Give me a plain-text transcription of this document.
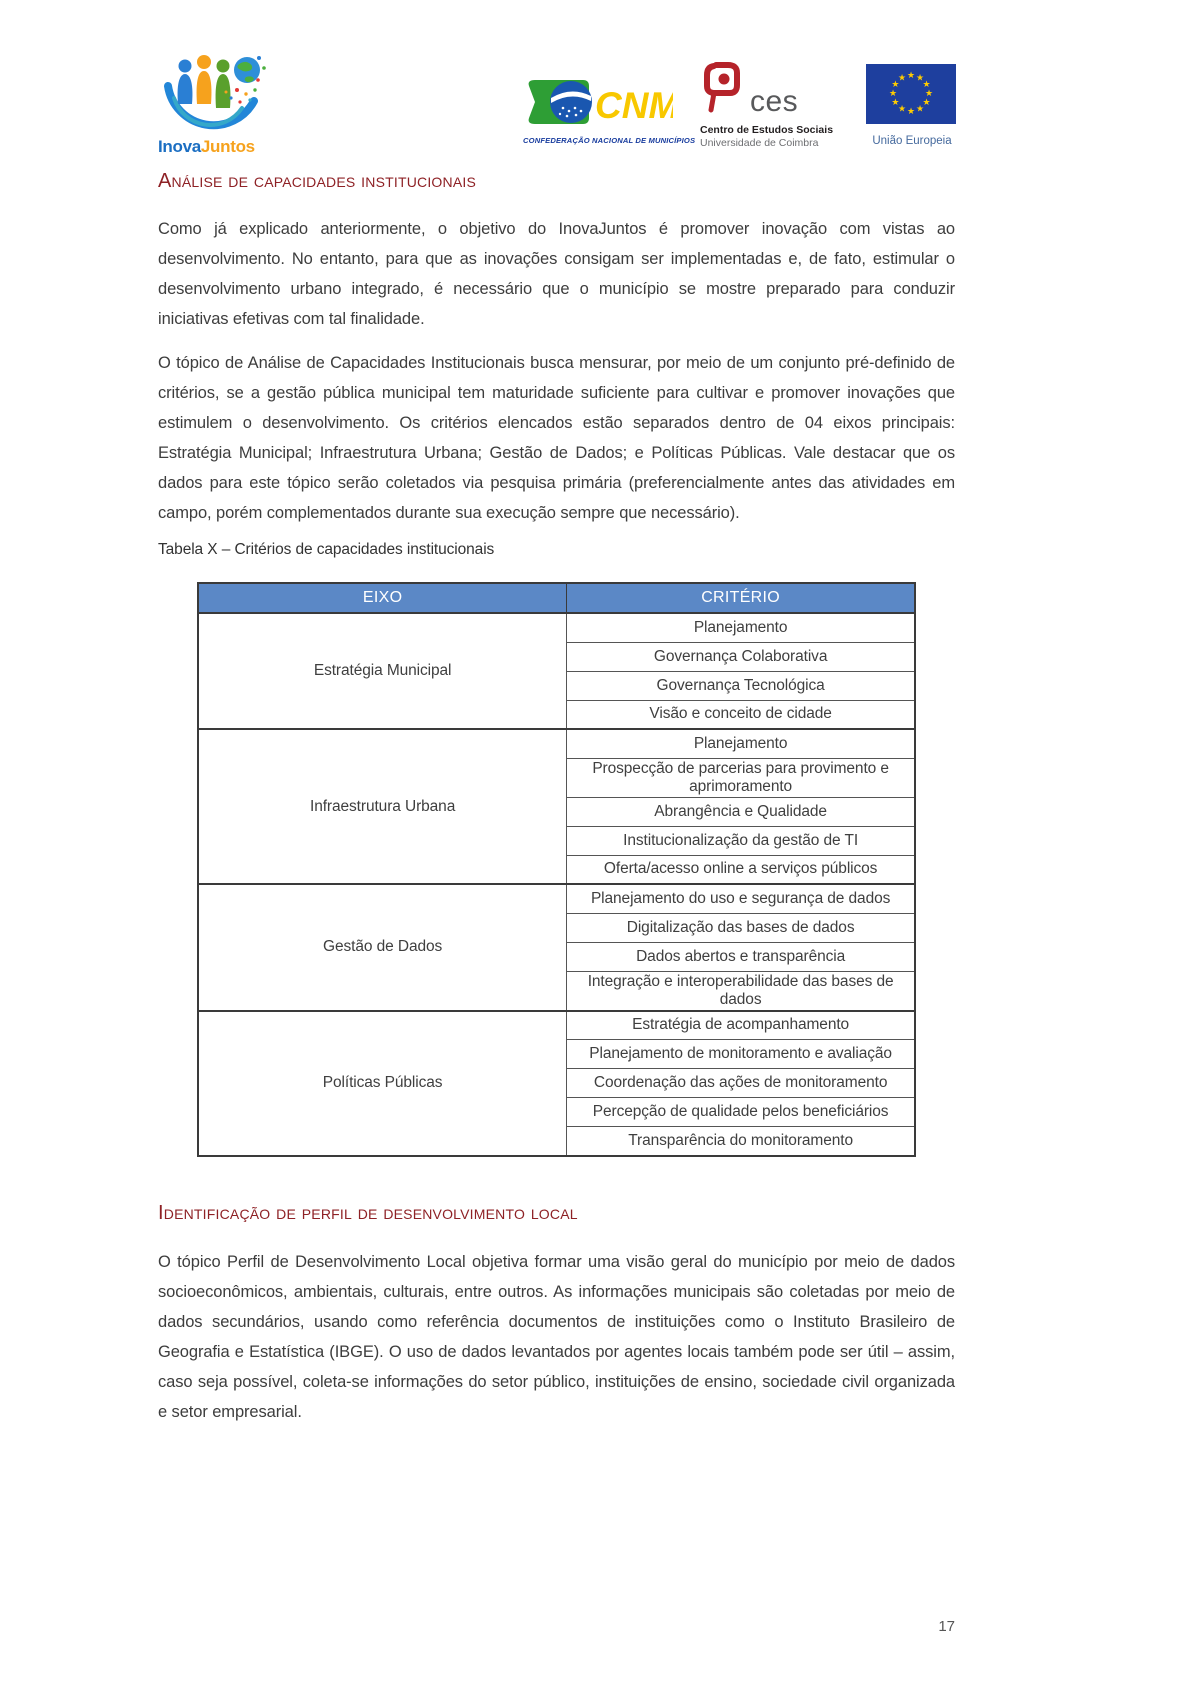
InovaJuntos
CNM
CONFEDERAÇÃO NACIONAL DE MUNICÍPIOS
ces
Centro de Estudos Sociais
Universidade de Coimbra
★ ★
★
★
★
★
★
★
★
★
★
★
União Europeia
Análise de capacidades institucionais

Como já explicado anteriormente, o objetivo do InovaJuntos é promover inovação com vistas ao desenvolvimento. No entanto, para que as inovações consigam ser implementadas e, de fato, estimular o desenvolvimento urbano integrado, é necessário que o município se mostre preparado para conduzir iniciativas efetivas com tal finalidade.

O tópico de Análise de Capacidades Institucionais busca mensurar, por meio de um conjunto pré-definido de critérios, se a gestão pública municipal tem maturidade suficiente para cultivar e promover inovações que estimulem o desenvolvimento. Os critérios elencados estão separados dentro de 04 eixos principais: Estratégia Municipal; Infraestrutura Urbana; Gestão de Dados; e Políticas Públicas. Vale destacar que os dados para este tópico serão coletados via pesquisa primária (preferencialmente antes das atividades em campo, porém complementados durante sua execução sempre que necessário).

Tabela X – Critérios de capacidades institucionais
EIXO	CRITÉRIO
Estratégia Municipal	Planejamento
	Governança Colaborativa
	Governança Tecnológica
	Visão e conceito de cidade
Infraestrutura Urbana	Planejamento
	Prospecção de parcerias para provimento e aprimoramento
	Abrangência e Qualidade
	Institucionalização da gestão de TI
	Oferta/acesso online a serviços públicos
Gestão de Dados	Planejamento do uso e segurança de dados
	Digitalização das bases de dados
	Dados abertos e transparência
	Integração e interoperabilidade das bases de dados
Políticas Públicas	Estratégia de acompanhamento
	Planejamento de monitoramento e avaliação
	Coordenação das ações de monitoramento
	Percepção de qualidade pelos beneficiários
	Transparência do monitoramento
Identificação de perfil de desenvolvimento local

O tópico Perfil de Desenvolvimento Local objetiva formar uma visão geral do município por meio de dados socioeconômicos, ambientais, culturais, entre outros. As informações municipais são coletadas por meio de dados secundários, usando como referência documentos de instituições como o Instituto Brasileiro de Geografia e Estatística (IBGE). O uso de dados levantados por agentes locais também pode ser útil – assim, caso seja possível, coleta-se informações do setor público, instituições de ensino, sociedade civil organizada e setor empresarial.

17
